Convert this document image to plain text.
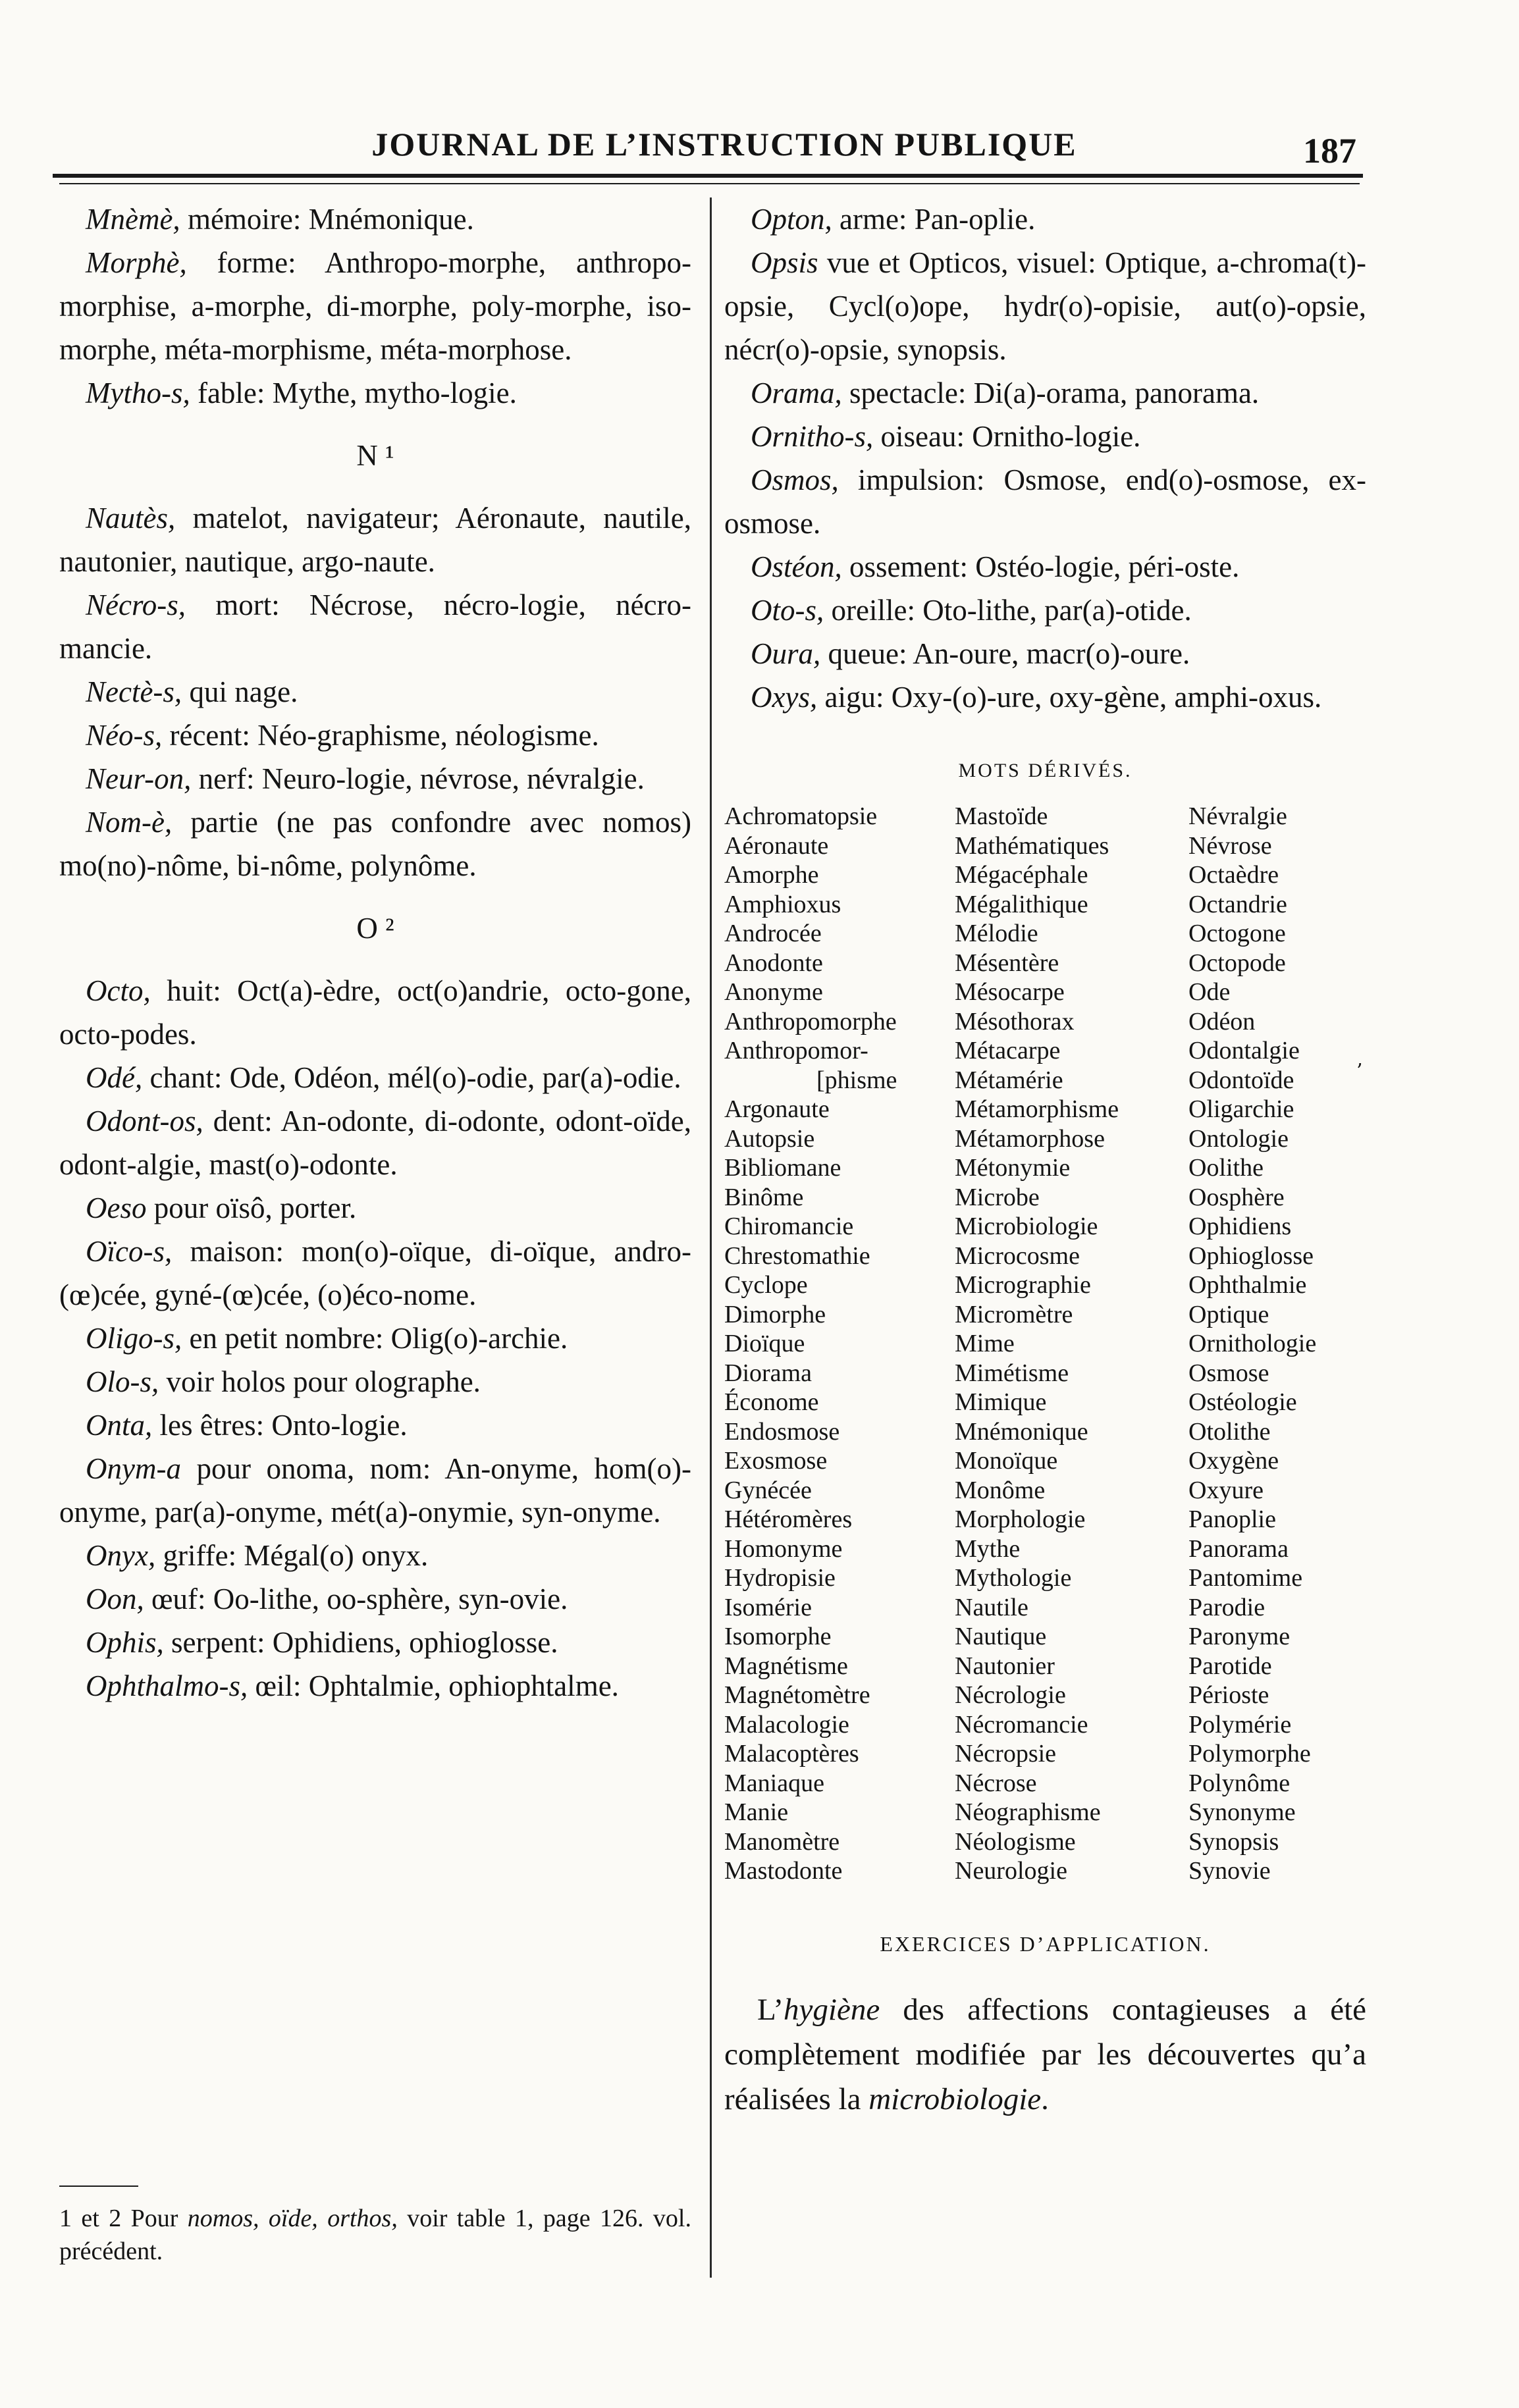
JOURNAL DE L’INSTRUCTION PUBLIQUE	187

Mnèmè, mémoire: Mnémonique.

Morphè, forme: Anthropo-morphe, anthropo-morphise, a-morphe, di-morphe, poly-morphe, iso-morphe, méta-morphisme, méta-morphose.

Mytho-s, fable: Mythe, mytho-logie.

N ¹

Nautès, matelot, navigateur; Aéronaute, nautile, nautonier, nautique, argo-naute.

Nécro-s, mort: Nécrose, nécro-logie, nécro-mancie.

Nectè-s, qui nage.

Néo-s, récent: Néo-graphisme, néologisme.

Neur-on, nerf: Neuro-logie, névrose, névralgie.

Nom-è, partie (ne pas confondre avec nomos) mo(no)-nôme, bi-nôme, polynôme.

O ²

Octo, huit: Oct(a)-èdre, oct(o)andrie, octo-gone, octo-podes.

Odé, chant: Ode, Odéon, mél(o)-odie, par(a)-odie.

Odont-os, dent: An-odonte, di-odonte, odont-oïde, odont-algie, mast(o)-odonte.

Oeso pour oïsô, porter.

Oïco-s, maison: mon(o)-oïque, di-oïque, andro-(œ)cée, gyné-(œ)cée, (o)éco-nome.

Oligo-s, en petit nombre: Olig(o)-archie.

Olo-s, voir holos pour olographe.

Onta, les êtres: Onto-logie.

Onym-a pour onoma, nom: An-onyme, hom(o)-onyme, par(a)-onyme, mét(a)-onymie, syn-onyme.

Onyx, griffe: Mégal(o) onyx.

Oon, œuf: Oo-lithe, oo-sphère, syn-ovie.

Ophis, serpent: Ophidiens, ophioglosse.

Ophthalmo-s, œil: Ophtalmie, ophiophtalme.

Opton, arme: Pan-oplie.

Opsis vue et Opticos, visuel: Optique, a-chroma(t)-opsie, Cycl(o)ope, hydr(o)-opisie, aut(o)-opsie, nécr(o)-opsie, synopsis.

Orama, spectacle: Di(a)-orama, panorama.

Ornitho-s, oiseau: Ornitho-logie.

Osmos, impulsion: Osmose, end(o)-osmose, ex-osmose.

Ostéon, ossement: Ostéo-logie, péri-oste.

Oto-s, oreille: Oto-lithe, par(a)-otide.

Oura, queue: An-oure, macr(o)-oure.

Oxys, aigu: Oxy-(o)-ure, oxy-gène, amphi-oxus.

MOTS DÉRIVÉS.
Achromatopsie
Aéronaute
Amorphe
Amphioxus
Androcée
Anodonte
Anonyme
Anthropomorphe
Anthropomor-
[phisme
Argonaute
Autopsie
Bibliomane
Binôme
Chiromancie
Chrestomathie
Cyclope
Dimorphe
Dioïque
Diorama
Économe
Endosmose
Exosmose
Gynécée
Hétéromères
Homonyme
Hydropisie
Isomérie
Isomorphe
Magnétisme
Magnétomètre
Malacologie
Malacoptères
Maniaque
Manie
Manomètre
Mastodonte
Mastoïde
Mathématiques
Mégacéphale
Mégalithique
Mélodie
Mésentère
Mésocarpe
Mésothorax
Métacarpe
Métamérie
Métamorphisme
Métamorphose
Métonymie
Microbe
Microbiologie
Microcosme
Micrographie
Micromètre
Mime
Mimétisme
Mimique
Mnémonique
Monoïque
Monôme
Morphologie
Mythe
Mythologie
Nautile
Nautique
Nautonier
Nécrologie
Nécromancie
Nécropsie
Nécrose
Néographisme
Néologisme
Neurologie
Névralgie
Névrose
Octaèdre
Octandrie
Octogone
Octopode
Ode
Odéon
Odontalgie
Odontoïde
Oligarchie
Ontologie
Oolithe
Oosphère
Ophidiens
Ophioglosse
Ophthalmie
Optique
Ornithologie
Osmose
Ostéologie
Otolithe
Oxygène
Oxyure
Panoplie
Panorama
Pantomime
Parodie
Paronyme
Parotide
Périoste
Polymérie
Polymorphe
Polynôme
Synonyme
Synopsis
Synovie
EXERCICES D’APPLICATION.

L’hygiène des affections contagieuses a été complètement modifiée par les découvertes qu’a réalisées la microbiologie.

’
1 et 2 Pour nomos, oïde, orthos, voir table 1, page 126. vol. précédent.
